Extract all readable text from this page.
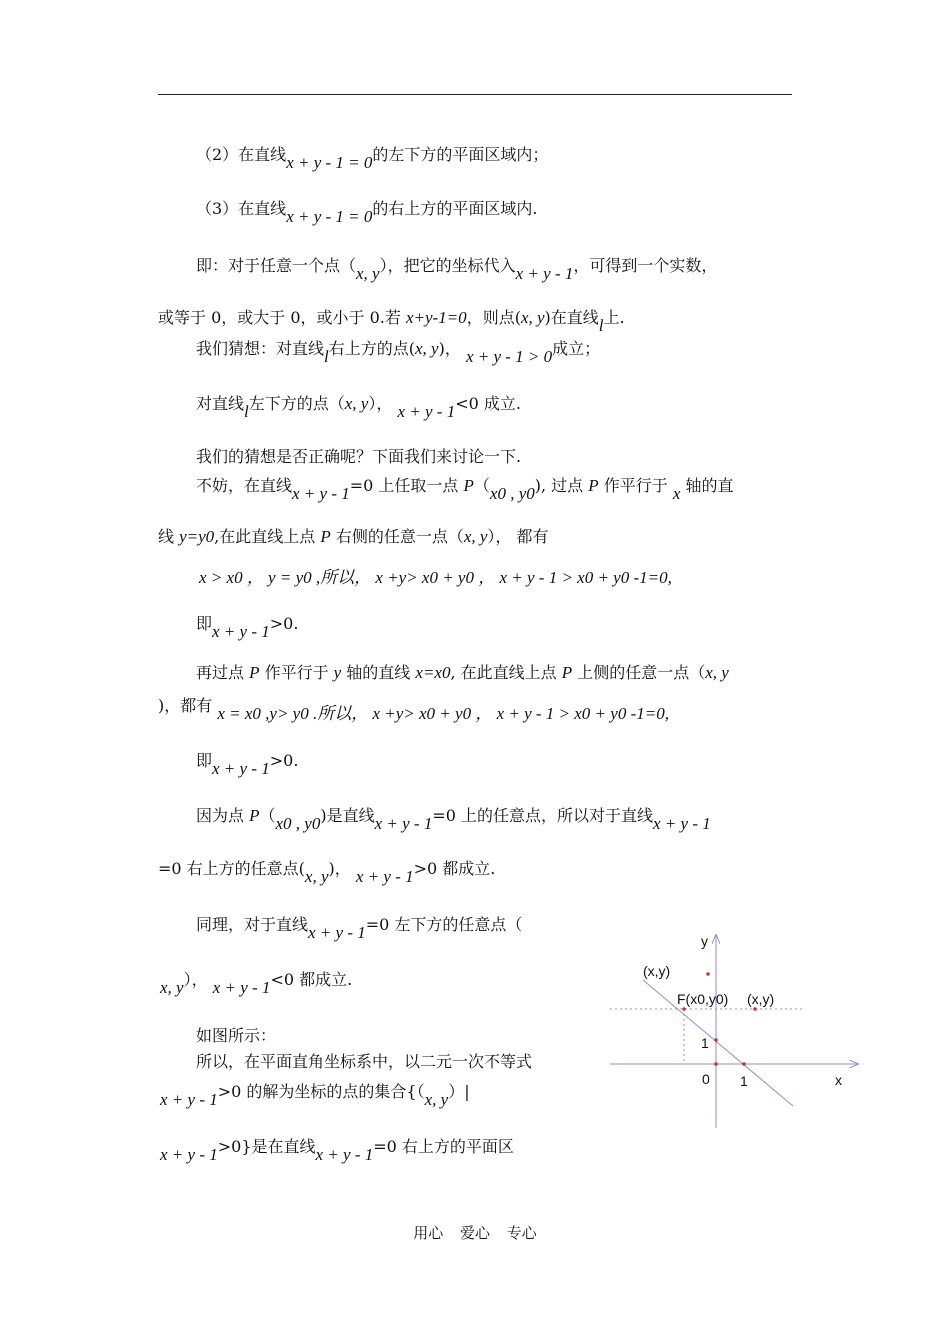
（2）在直线x + y - 1 = 0的左下方的平面区域内；
（3）在直线x + y - 1 = 0的右上方的平面区域内.
即：对于任意一个点（x, y），把它的坐标代入x + y - 1，可得到一个实数，
或等于 0，或大于 0，或小于 0.若 x+y-1=0，则点(x, y)在直线l上.
我们猜想：对直线l右上方的点(x, y)， x + y - 1 > 0成立；
对直线l左下方的点（x, y）， x + y - 1<0 成立.
我们的猜想是否正确呢？下面我们来讨论一下.
不妨，在直线x + y - 1=0 上任取一点 P（x0 , y0), 过点 P 作平行于 x 轴的直
线 y=y0,在此直线上点 P 右侧的任意一点（x, y）， 都有
x > x0 ， y = y0 ,所以， x +y> x0 + y0 ， x + y - 1 > x0 + y0 -1=0,
即x + y - 1>0.
再过点 P 作平行于 y 轴的直线 x=x0, 在此直线上点 P 上侧的任意一点（x, y
)，都有 x = x0 ,y> y0 .所以， x +y> x0 + y0 ， x + y - 1 > x0 + y0 -1=0,
即x + y - 1>0.
因为点 P（x0 , y0)是直线x + y - 1=0 上的任意点，所以对于直线x + y - 1
=0 右上方的任意点(x, y)， x + y - 1>0 都成立.
同理，对于直线x + y - 1=0 左下方的任意点（
x, y）， x + y - 1<0 都成立.
如图所示：
所以，在平面直角坐标系中，以二元一次不等式
x + y - 1>0 的解为坐标的点的集合{（x, y）|
x + y - 1>0}是在直线x + y - 1=0 右上方的平面区
y
x
0 1
1
(x,y)
F(x0,y0) (x,y)
用心 爱心 专心
